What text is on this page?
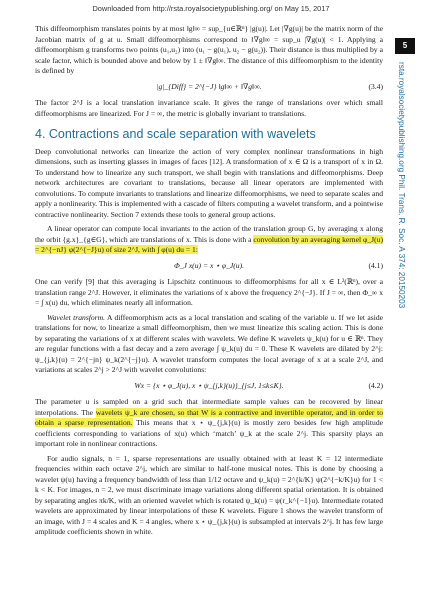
Downloaded from http://rsta.royalsocietypublishing.org/ on May 15, 2017
5
rsta.royalsocietypublishing.org Phil. Trans. R. Soc. A 374: 20150203

This diffeomorphism translates points by at most ‖g‖∞ = sup_{u∈ℝⁿ} |g(u)|. Let |∇g(u)| be the matrix norm of the Jacobian matrix of g at u. Small diffeomorphisms correspond to ‖∇g‖∞ = sup_u |∇g(u)| < 1. Applying a diffeomorphism g transforms two points (u₁,u₂) into (u₁ − g(u₁), u₂ − g(u₂)). Their distance is thus multiplied by a scale factor, which is bounded above and below by 1 ± ‖∇g‖∞. The distance of this diffeomorphism to the identity is defined by

|g|_{Diff} = 2^{−J} ‖g‖∞ + ‖∇g‖∞.	(3.4)

The factor 2^J is a local translation invariance scale. It gives the range of translations over which small diffeomorphisms are linearized. For J = ∞, the metric is globally invariant to translations.

4. Contractions and scale separation with wavelets

Deep convolutional networks can linearize the action of very complex nonlinear transformations in high dimensions, such as inserting glasses in images of faces [12]. A transformation of x ∈ Ω is a transport of x in Ω. To understand how to linearize any such transport, we shall begin with translations and diffeomorphisms. Deep network architectures are covariant to translations, because all linear operators are implemented with convolutions. To compute invariants to translations and linearize diffeomorphisms, we need to separate scales and apply a nonlinearity. This is implemented with a cascade of filters computing a wavelet transform, and a pointwise contractive nonlinearity. Section 7 extends these tools to general group actions.

A linear operator can compute local invariants to the action of the translation group G, by averaging x along the orbit {g.x}_{g∈G}, which are translations of x. This is done with a convolution by an averaging kernel φ_J(u) = 2^{−nJ} φ(2^{−J}u) of size 2^J, with ∫ φ(u) du = 1:

Φ_J x(u) = x ⋆ φ_J(u).	(4.1)

One can verify [9] that this averaging is Lipschitz continuous to diffeomorphisms for all x ∈ L²(ℝⁿ), over a translation range 2^J. However, it eliminates the variations of x above the frequency 2^{−J}. If J = ∞, then Φ_∞ x = ∫ x(u) du, which eliminates nearly all information.

Wavelet transform. A diffeomorphism acts as a local translation and scaling of the variable u. If we let aside translations for now, to linearize a small diffeomorphism, then we must linearize this scaling action. This is done by separating the variations of x at different scales with wavelets. We define K wavelets ψ_k(u) for u ∈ ℝⁿ. They are regular functions with a fast decay and a zero average ∫ ψ_k(u) du = 0. These K wavelets are dilated by 2^j: ψ_{j,k}(u) = 2^{−jn} ψ_k(2^{−j}u). A wavelet transform computes the local average of x at a scale 2^J, and variations at scales 2^j > 2^J with wavelet convolutions:

Wx = {x ⋆ φ_J(u), x ⋆ ψ_{j,k}(u)}_{j≤J, 1≤k≤K}.	(4.2)

The parameter u is sampled on a grid such that intermediate sample values can be recovered by linear interpolations. The wavelets ψ_k are chosen, so that W is a contractive and invertible operator, and in order to obtain a sparse representation. This means that x ⋆ ψ_{j,k}(u) is mostly zero besides few high amplitude coefficients corresponding to variations of x(u) which ‘match’ ψ_k at the scale 2^j. This sparsity plays an important role in nonlinear contractions.

For audio signals, n = 1, sparse representations are usually obtained with at least K = 12 intermediate frequencies within each octave 2^j, which are similar to half-tone musical notes. This is done by choosing a wavelet ψ(u) having a frequency bandwidth of less than 1/12 octave and ψ_k(u) = 2^{k/K} ψ(2^{−k/K}u) for 1 < k < K. For images, n = 2, we must discriminate image variations along different spatial orientation. It is obtained by separating angles πk/K, with an oriented wavelet which is rotated ψ_k(u) = ψ(r_k^{−1}u). Intermediate rotated wavelets are approximated by linear interpolations of these K wavelets. Figure 1 shows the wavelet transform of an image, with J = 4 scales and K = 4 angles, where x ⋆ ψ_{j,k}(u) is subsampled at intervals 2^j. It has few large amplitude coefficients shown in white.
